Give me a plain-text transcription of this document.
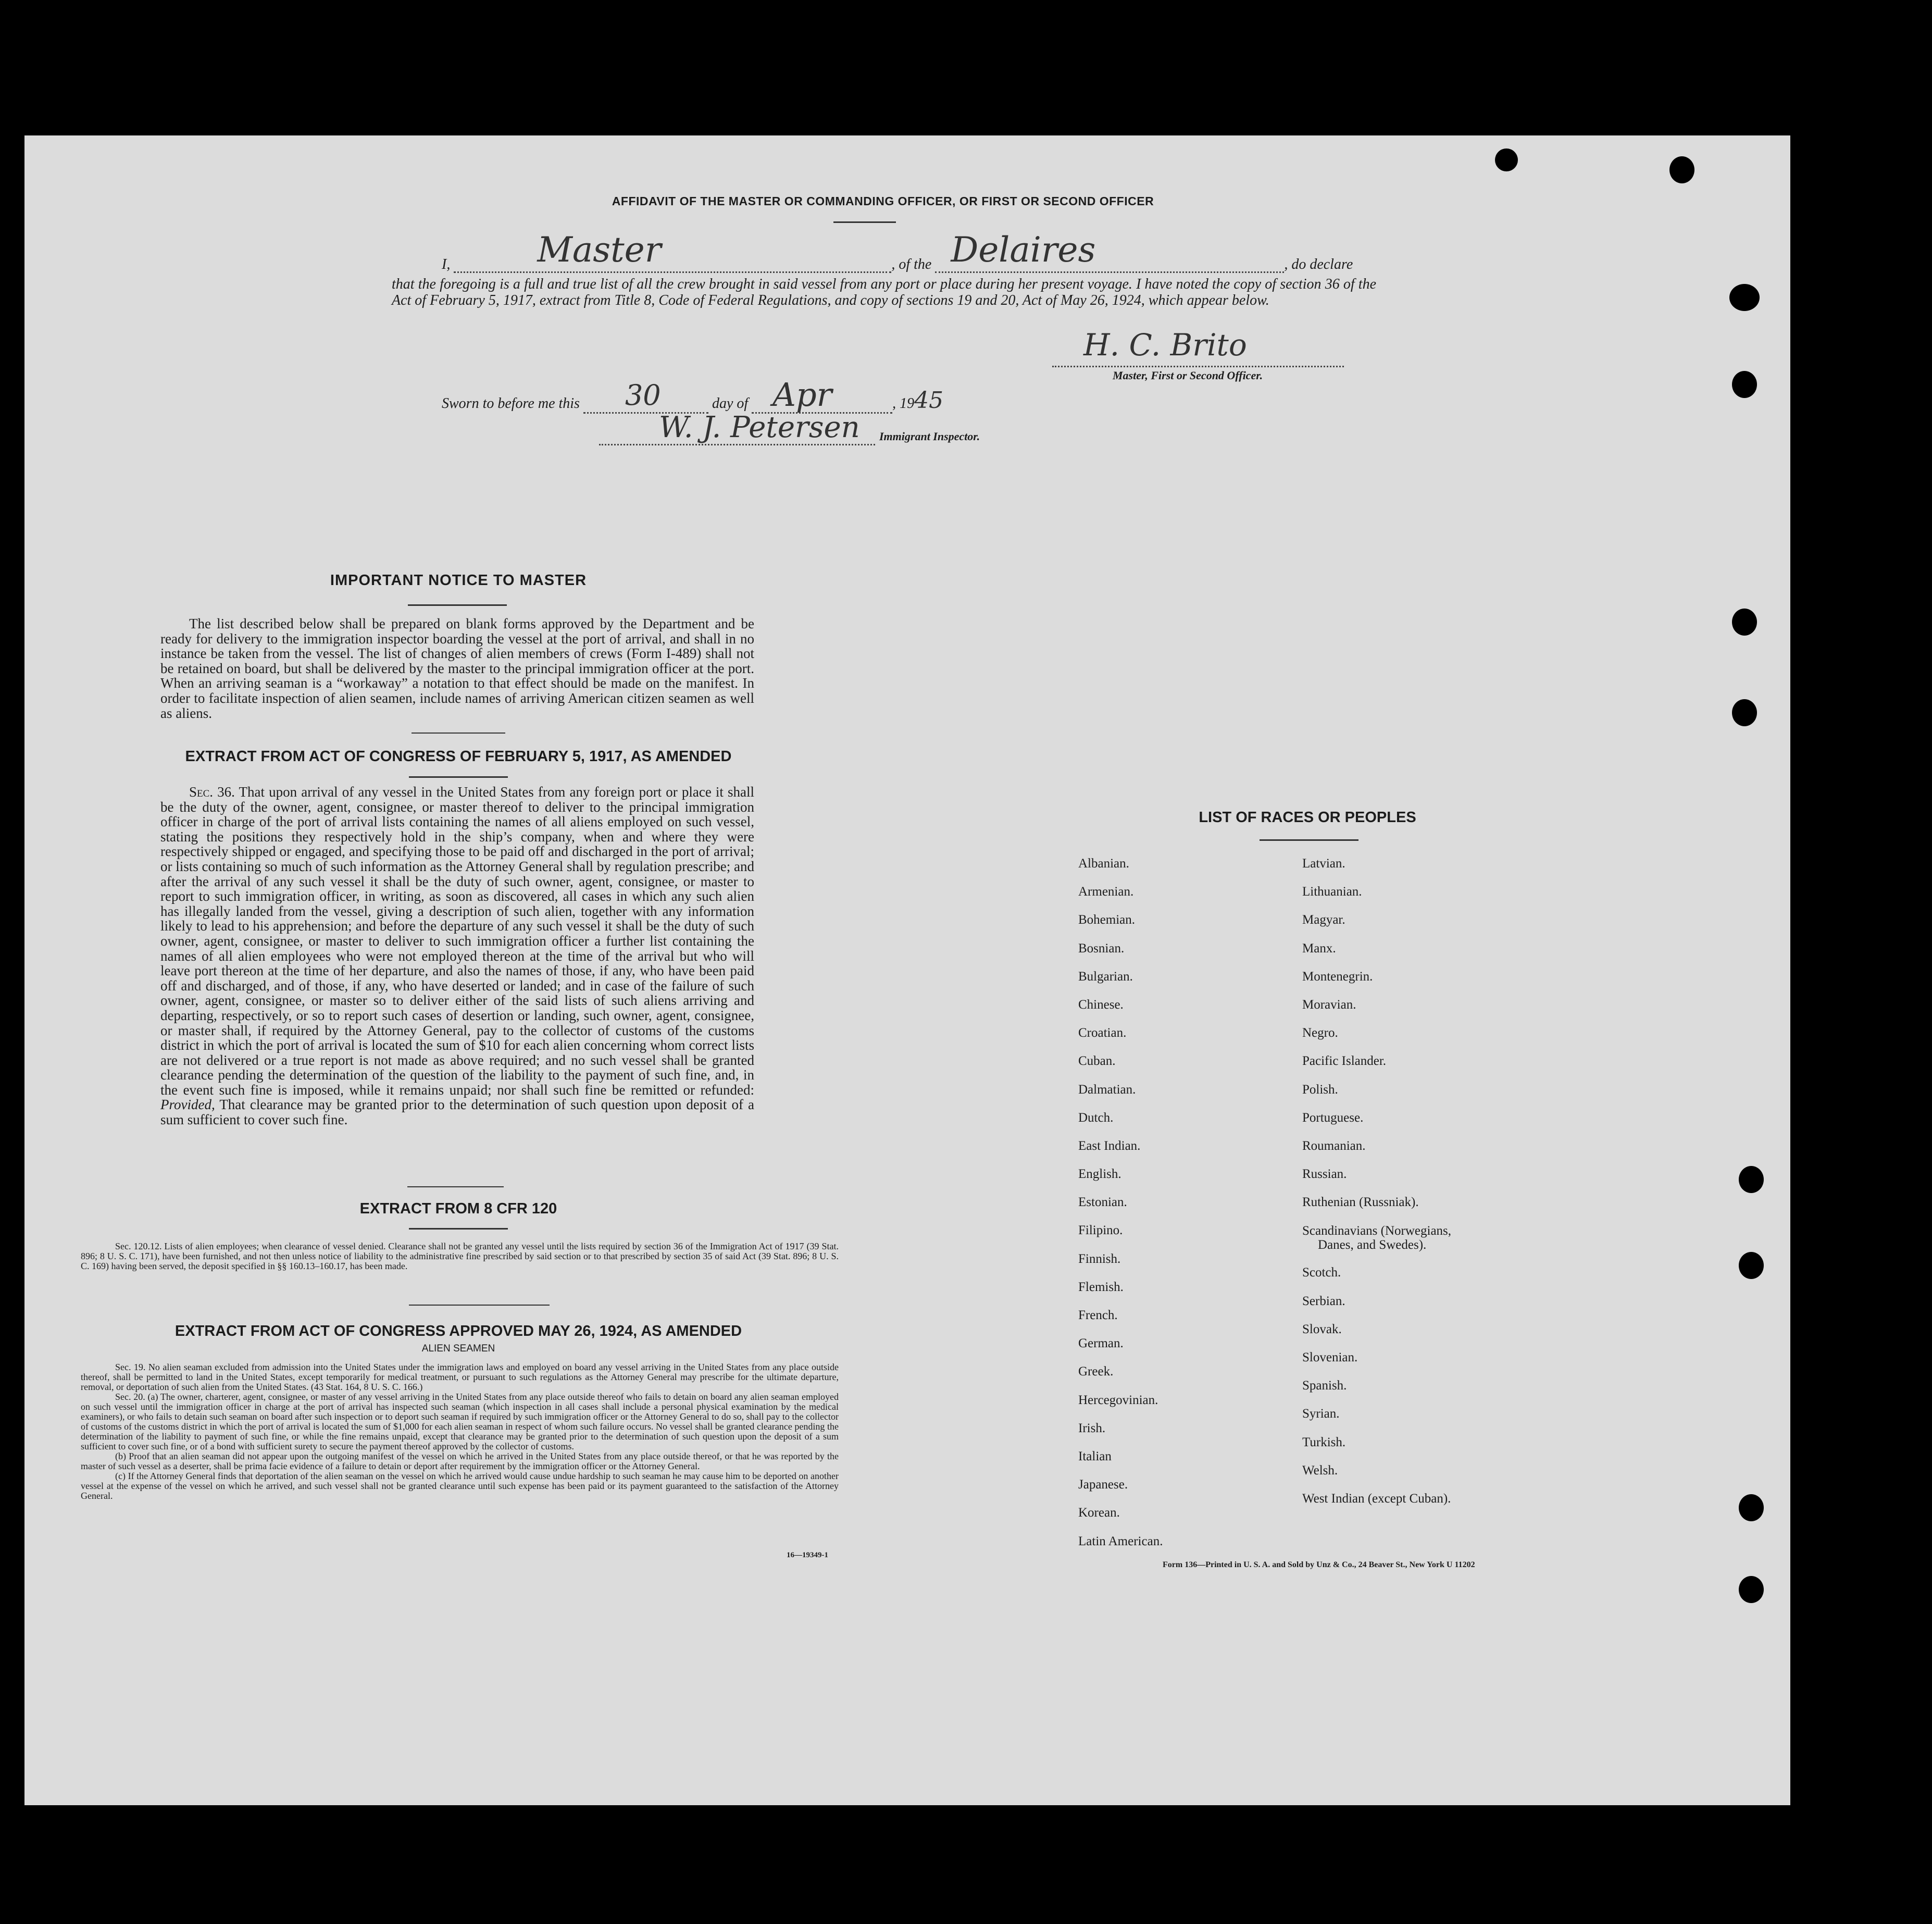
AFFIDAVIT OF THE MASTER OR COMMANDING OFFICER, OR FIRST OR SECOND OFFICER
I,	Master	, of the Delaires	, do declare
that the foregoing is a full and true list of all the crew brought in said vessel from any port or place during her present voyage. I have noted the copy of section 36 of the Act of February 5, 1917, extract from Title 8, Code of Federal Regulations, and copy of sections 19 and 20, Act of May 26, 1924, which appear below.
H. C. Brito
Master, First or Second Officer.
Sworn to before me this 30	day of Apr	, 1945
W. J. Petersen Immigrant Inspector.
IMPORTANT NOTICE TO MASTER
The list described below shall be prepared on blank forms approved by the Department and be ready for delivery to the immigration inspector boarding the vessel at the port of arrival, and shall in no instance be taken from the vessel. The list of changes of alien members of crews (Form I-489) shall not be retained on board, but shall be delivered by the master to the principal immigration officer at the port. When an arriving seaman is a “workaway” a notation to that effect should be made on the manifest. In order to facilitate inspection of alien seamen, include names of arriving American citizen seamen as well as aliens.
EXTRACT FROM ACT OF CONGRESS OF FEBRUARY 5, 1917, AS AMENDED
Sec. 36. That upon arrival of any vessel in the United States from any foreign port or place it shall be the duty of the owner, agent, consignee, or master thereof to deliver to the principal immigration officer in charge of the port of arrival lists containing the names of all aliens employed on such vessel, stating the positions they respectively hold in the ship’s company, when and where they were respectively shipped or engaged, and specifying those to be paid off and discharged in the port of arrival; or lists containing so much of such information as the Attorney General shall by regulation prescribe; and after the arrival of any such vessel it shall be the duty of such owner, agent, consignee, or master to report to such immigration officer, in writing, as soon as discovered, all cases in which any such alien has illegally landed from the vessel, giving a description of such alien, together with any information likely to lead to his apprehension; and before the departure of any such vessel it shall be the duty of such owner, agent, consignee, or master to deliver to such immigration officer a further list containing the names of all alien employees who were not employed thereon at the time of the arrival but who will leave port thereon at the time of her departure, and also the names of those, if any, who have been paid off and discharged, and of those, if any, who have deserted or landed; and in case of the failure of such owner, agent, consignee, or master so to deliver either of the said lists of such aliens arriving and departing, respectively, or so to report such cases of desertion or landing, such owner, agent, consignee, or master shall, if required by the Attorney General, pay to the collector of customs of the customs district in which the port of arrival is located the sum of $10 for each alien concerning whom correct lists are not delivered or a true report is not made as above required; and no such vessel shall be granted clearance pending the determination of the question of the liability to the payment of such fine, and, in the event such fine is imposed, while it remains unpaid; nor shall such fine be remitted or refunded: Provided, That clearance may be granted prior to the determination of such question upon deposit of a sum sufficient to cover such fine.
EXTRACT FROM 8 CFR 120
Sec. 120.12. Lists of alien employees; when clearance of vessel denied. Clearance shall not be granted any vessel until the lists required by section 36 of the Immigration Act of 1917 (39 Stat. 896; 8 U. S. C. 171), have been furnished, and not then unless notice of liability to the administrative fine prescribed by said section or to that prescribed by section 35 of said Act (39 Stat. 896; 8 U. S. C. 169) having been served, the deposit specified in §§ 160.13–160.17, has been made.
EXTRACT FROM ACT OF CONGRESS APPROVED MAY 26, 1924, AS AMENDED
ALIEN SEAMEN
Sec. 19. No alien seaman excluded from admission into the United States under the immigration laws and employed on board any vessel arriving in the United States from any place outside thereof, shall be permitted to land in the United States, except temporarily for medical treatment, or pursuant to such regulations as the Attorney General may prescribe for the ultimate departure, removal, or deportation of such alien from the United States. (43 Stat. 164, 8 U. S. C. 166.)
Sec. 20. (a) The owner, charterer, agent, consignee, or master of any vessel arriving in the United States from any place outside thereof who fails to detain on board any alien seaman employed on such vessel until the immigration officer in charge at the port of arrival has inspected such seaman (which inspection in all cases shall include a personal physical examination by the medical examiners), or who fails to detain such seaman on board after such inspection or to deport such seaman if required by such immigration officer or the Attorney General to do so, shall pay to the collector of customs of the customs district in which the port of arrival is located the sum of $1,000 for each alien seaman in respect of whom such failure occurs. No vessel shall be granted clearance pending the determination of the liability to payment of such fine, or while the fine remains unpaid, except that clearance may be granted prior to the determination of such question upon the deposit of a sum sufficient to cover such fine, or of a bond with sufficient surety to secure the payment thereof approved by the collector of customs.
(b) Proof that an alien seaman did not appear upon the outgoing manifest of the vessel on which he arrived in the United States from any place outside thereof, or that he was reported by the master of such vessel as a deserter, shall be prima facie evidence of a failure to detain or deport after requirement by the immigration officer or the Attorney General.
(c) If the Attorney General finds that deportation of the alien seaman on the vessel on which he arrived would cause undue hardship to such seaman he may cause him to be deported on another vessel at the expense of the vessel on which he arrived, and such vessel shall not be granted clearance until such expense has been paid or its payment guaranteed to the satisfaction of the Attorney General.
16—19349-1
LIST OF RACES OR PEOPLES
Albanian.
Armenian.
Bohemian.
Bosnian.
Bulgarian.
Chinese.
Croatian.
Cuban.
Dalmatian.
Dutch.
East Indian.
English.
Estonian.
Filipino.
Finnish.
Flemish.
French.
German.
Greek.
Hercegovinian.
Irish.
Italian
Japanese.
Korean.
Latin American.
Latvian.
Lithuanian.
Magyar.
Manx.
Montenegrin.
Moravian.
Negro.
Pacific Islander.
Polish.
Portuguese.
Roumanian.
Russian.
Ruthenian (Russniak).
Scandinavians (Norwegians,
Danes, and Swedes).
Scotch.
Serbian.
Slovak.
Slovenian.
Spanish.
Syrian.
Turkish.
Welsh.
West Indian (except Cuban).
Form 136—Printed in U. S. A. and Sold by Unz & Co., 24 Beaver St., New York U 11202
